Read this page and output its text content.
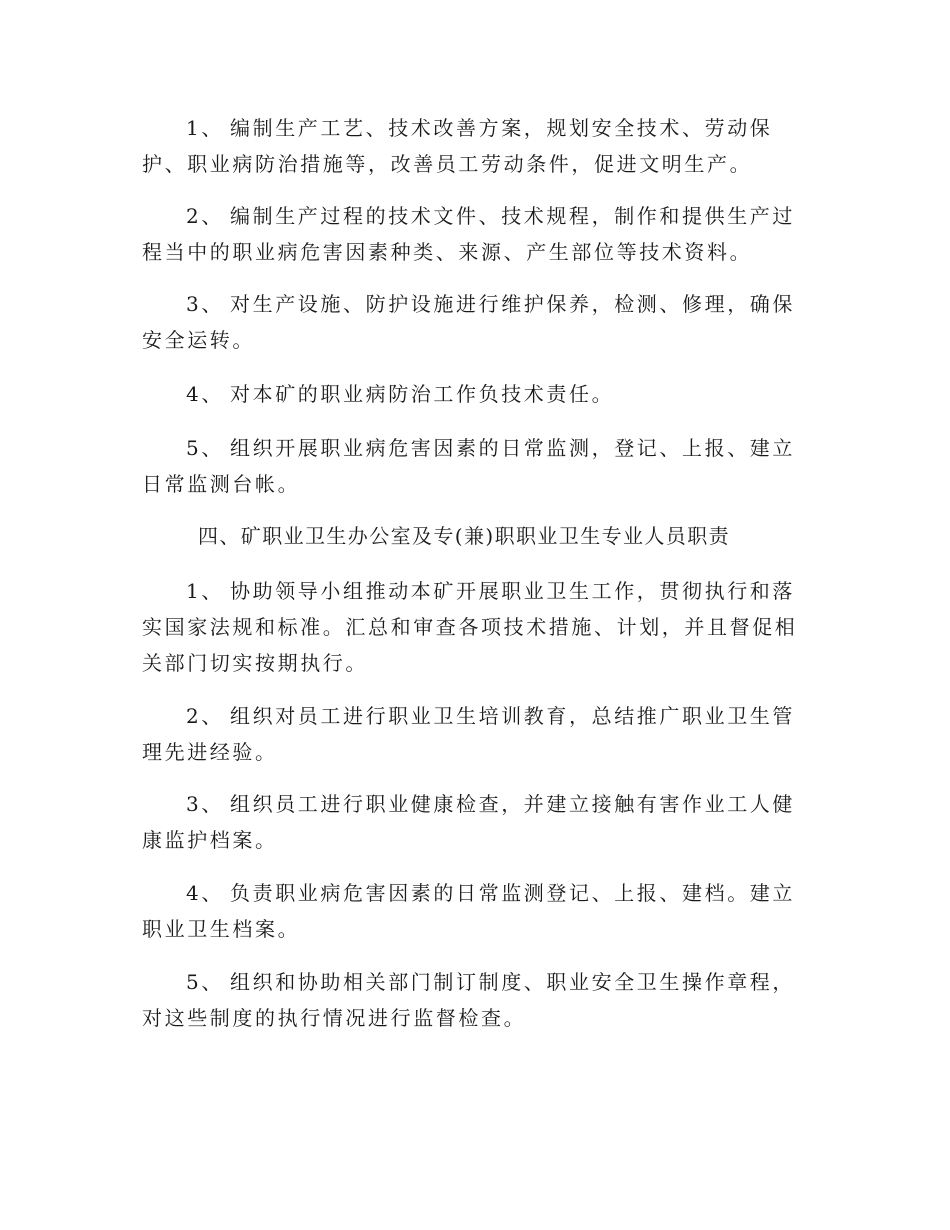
1、 编制生产工艺、技术改善方案，规划安全技术、劳动保护、职业病防治措施等，改善员工劳动条件，促进文明生产。

2、 编制生产过程的技术文件、技术规程，制作和提供生产过程当中的职业病危害因素种类、来源、产生部位等技术资料。

3、 对生产设施、防护设施进行维护保养，检测、修理，确保安全运转。

4、 对本矿的职业病防治工作负技术责任。

5、 组织开展职业病危害因素的日常监测，登记、上报、建立日常监测台帐。

四、矿职业卫生办公室及专(兼)职职业卫生专业人员职责

1、 协助领导小组推动本矿开展职业卫生工作，贯彻执行和落实国家法规和标准。汇总和审查各项技术措施、计划，并且督促相关部门切实按期执行。

2、 组织对员工进行职业卫生培训教育，总结推广职业卫生管理先进经验。

3、 组织员工进行职业健康检查，并建立接触有害作业工人健康监护档案。

4、 负责职业病危害因素的日常监测登记、上报、建档。建立职业卫生档案。

5、 组织和协助相关部门制订制度、职业安全卫生操作章程，对这些制度的执行情况进行监督检查。
